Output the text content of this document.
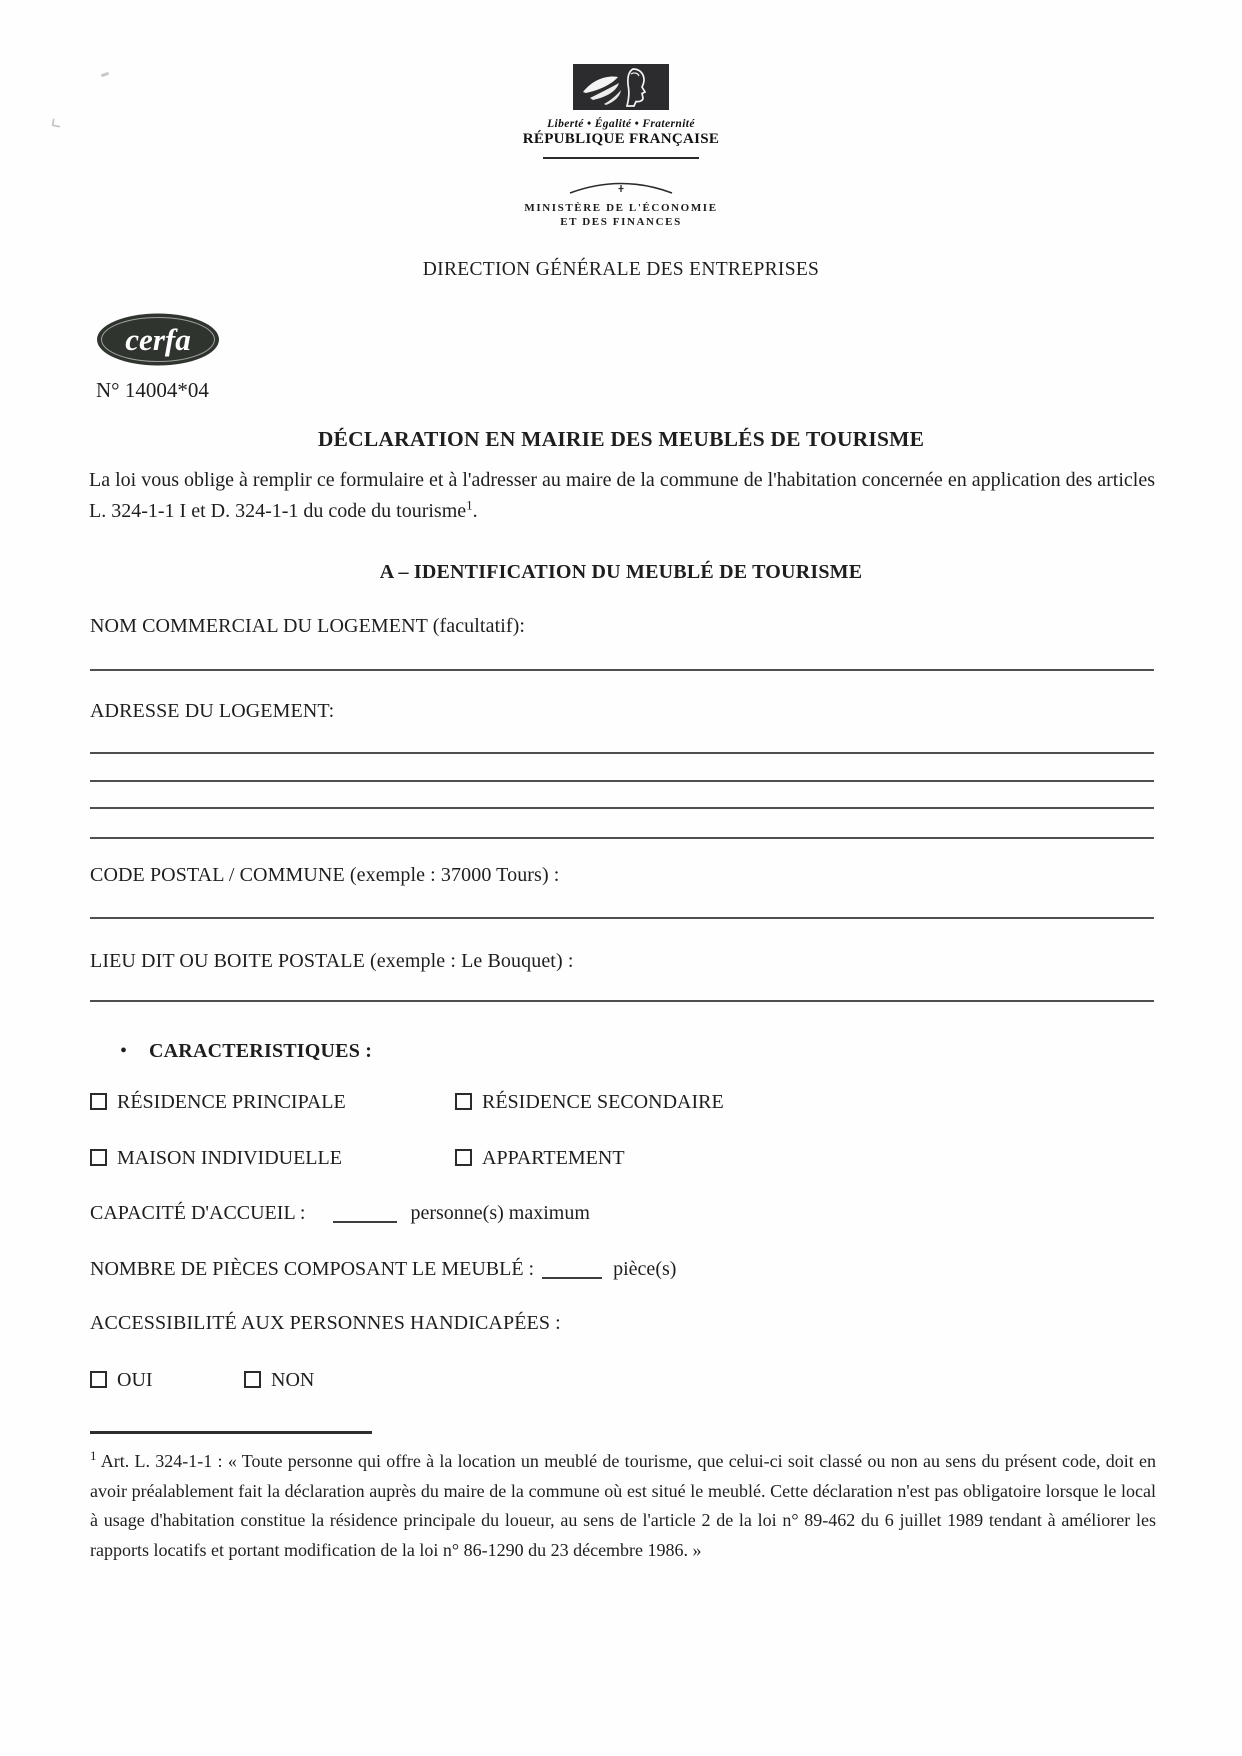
Liberté • Égalité • Fraternité
RÉPUBLIQUE FRANÇAISE
MINISTÈRE DE L'ÉCONOMIE
ET DES FINANCES
DIRECTION GÉNÉRALE DES ENTREPRISES
cerfa
N° 14004*04
DÉCLARATION EN MAIRIE DES MEUBLÉS DE TOURISME
La loi vous oblige à remplir ce formulaire et à l'adresser au maire de la commune de l'habitation concernée en application des articles L. 324-1-1 I et D. 324-1-1 du code du tourisme$^1$.
A – IDENTIFICATION DU MEUBLÉ DE TOURISME
NOM COMMERCIAL DU LOGEMENT (facultatif):
ADRESSE DU LOGEMENT:
CODE POSTAL / COMMUNE (exemple : 37000 Tours) :
LIEU DIT OU BOITE POSTALE (exemple : Le Bouquet) :
• CARACTERISTIQUES :
RÉSIDENCE PRINCIPALE	RÉSIDENCE SECONDAIRE
MAISON INDIVIDUELLE	APPARTEMENT
CAPACITÉ D'ACCUEIL :	personne(s) maximum
NOMBRE DE PIÈCES COMPOSANT LE MEUBLÉ :	pièce(s)
ACCESSIBILITÉ AUX PERSONNES HANDICAPÉES :
OUI	NON
$^1$ Art. L. 324-1-1 : « Toute personne qui offre à la location un meublé de tourisme, que celui-ci soit classé ou non au sens du présent code, doit en avoir préalablement fait la déclaration auprès du maire de la commune où est situé le meublé. Cette déclaration n'est pas obligatoire lorsque le local à usage d'habitation constitue la résidence principale du loueur, au sens de l'article 2 de la loi n° 89-462 du 6 juillet 1989 tendant à améliorer les rapports locatifs et portant modification de la loi n° 86-1290 du 23 décembre 1986. »
